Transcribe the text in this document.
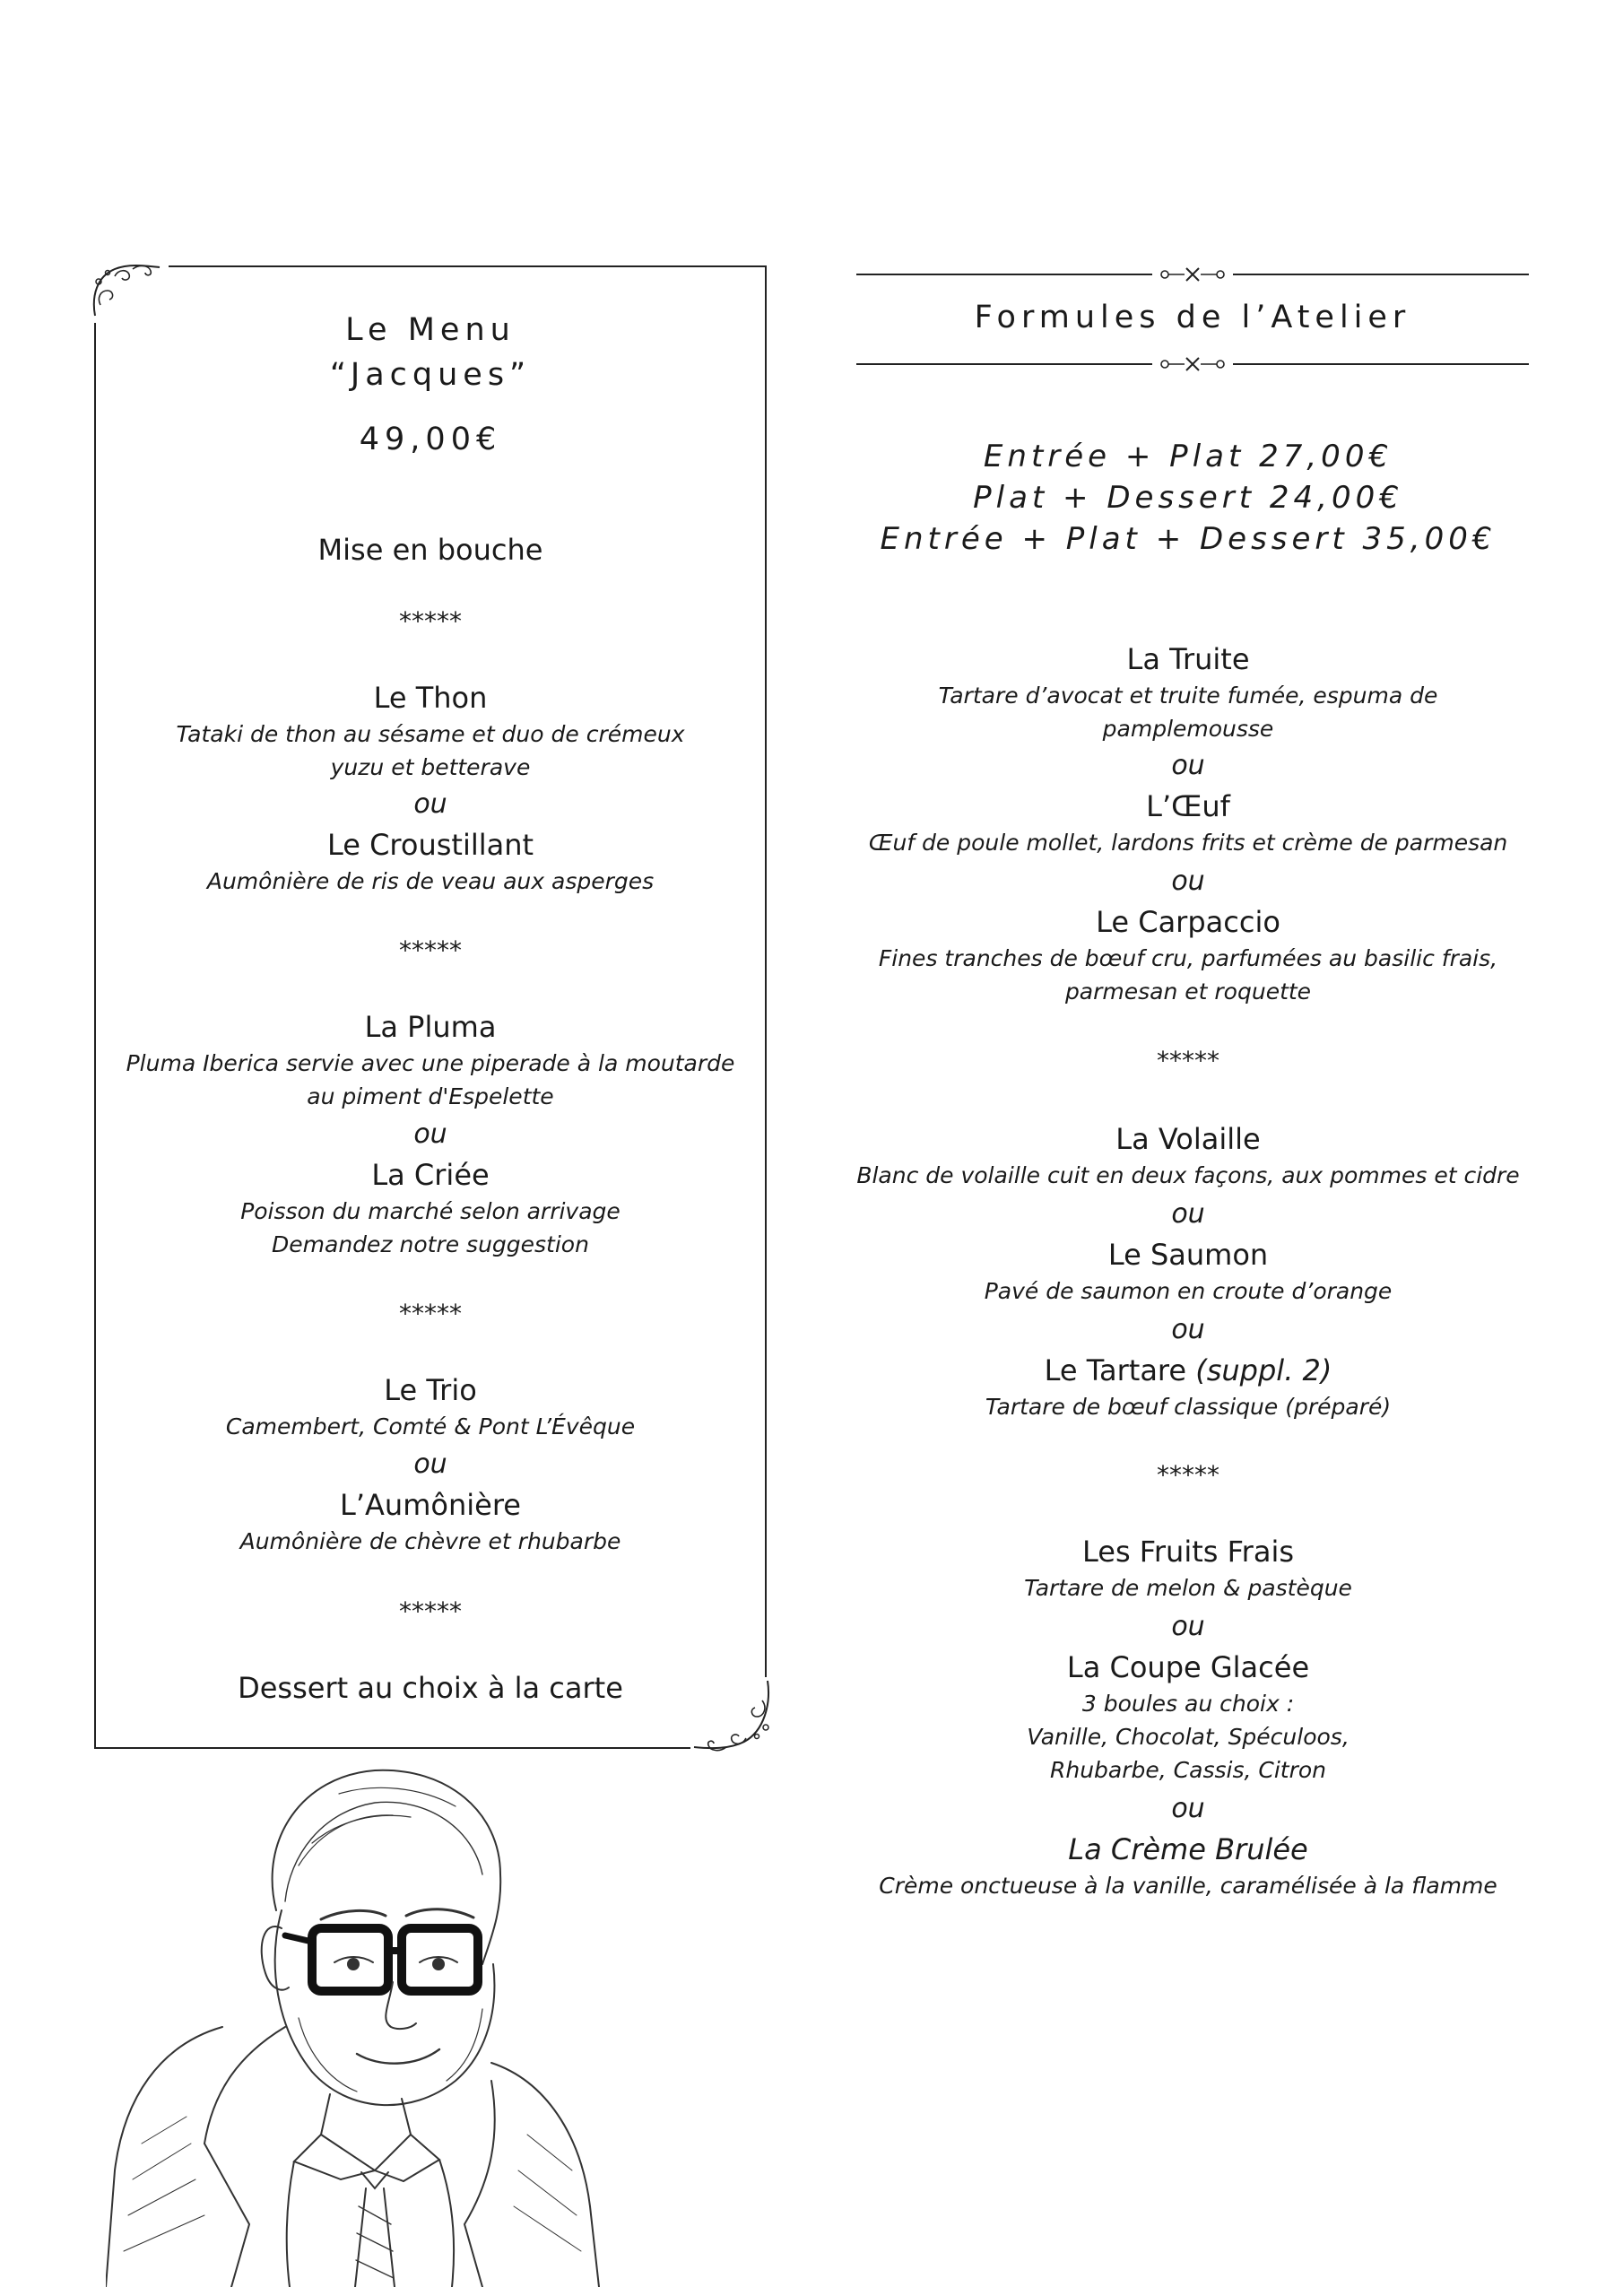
Le Menu
“Jacques”
49,00€
Mise en bouche
*****
Le Thon
Tataki de thon au sésame et duo de crémeux
yuzu et betterave
ou
Le Croustillant
Aumônière de ris de veau aux asperges
*****
La Pluma
Pluma Iberica servie avec une piperade à la moutarde
au piment d'Espelette
ou
La Criée
Poisson du marché selon arrivage
Demandez notre suggestion
*****
Le Trio
Camembert, Comté & Pont L’Évêque
ou
L’Aumônière
Aumônière de chèvre et rhubarbe
*****
Dessert au choix à la carte
Formules de l’Atelier
Entrée + Plat 27,00€
Plat + Dessert 24,00€
Entrée + Plat + Dessert 35,00€
La Truite
Tartare d’avocat et truite fumée, espuma de
pamplemousse
ou
L’Œuf
Œuf de poule mollet, lardons frits et crème de parmesan
ou
Le Carpaccio
Fines tranches de bœuf cru, parfumées au basilic frais,
parmesan et roquette
*****
La Volaille
Blanc de volaille cuit en deux façons, aux pommes et cidre
ou
Le Saumon
Pavé de saumon en croute d’orange
ou
Le Tartare (suppl. 2)
Tartare de bœuf classique (préparé)
*****
Les Fruits Frais
Tartare de melon & pastèque
ou
La Coupe Glacée
3 boules au choix :
Vanille, Chocolat, Spéculoos,
Rhubarbe, Cassis, Citron
ou
La Crème Brulée
Crème onctueuse à la vanille, caramélisée à la flamme
